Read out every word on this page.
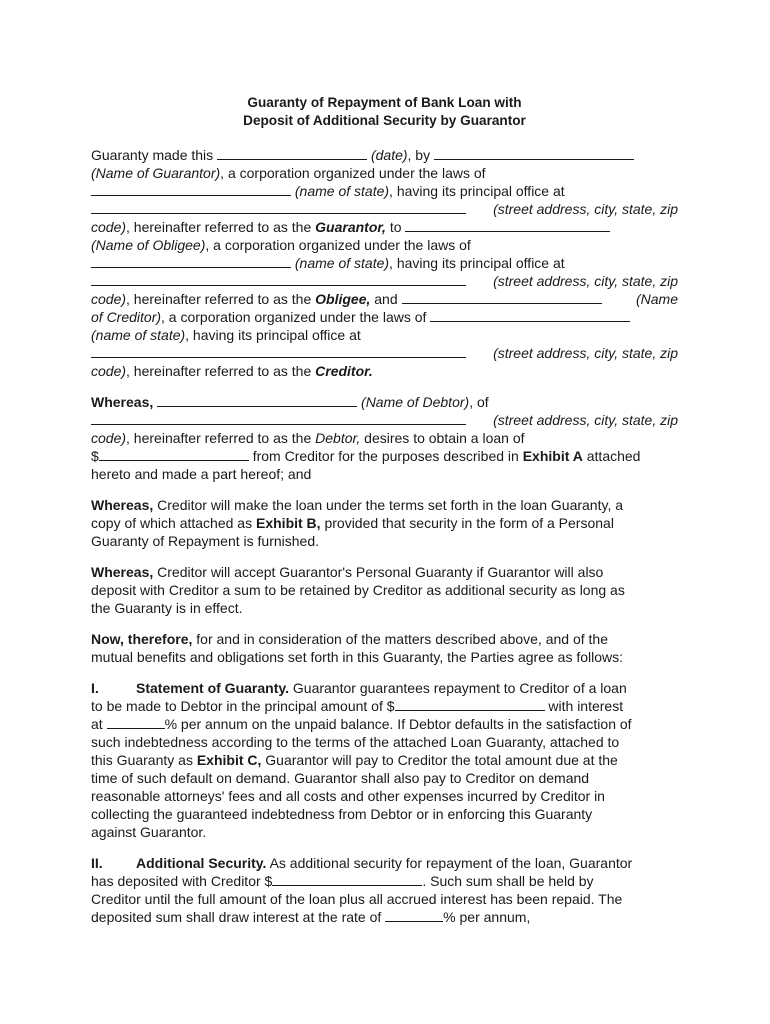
Guaranty of Repayment of Bank Loan with
Deposit of Additional Security by Guarantor

Guaranty made this	(date), by

(Name of Guarantor), a corporation organized under the laws of

(name of state), having its principal office at

(street address, city, state, zip

code), hereinafter referred to as the Guarantor, to

(Name of Obligee), a corporation organized under the laws of

(name of state), having its principal office at

(street address, city, state, zip

code), hereinafter referred to as the Obligee, and	(Name

of Creditor), a corporation organized under the laws of

(name of state), having its principal office at

(street address, city, state, zip

code), hereinafter referred to as the Creditor.

Whereas,	(Name of Debtor), of

(street address, city, state, zip

code), hereinafter referred to as the Debtor, desires to obtain a loan of

$	from Creditor for the purposes described in Exhibit A attached

hereto and made a part hereof; and

Whereas, Creditor will make the loan under the terms set forth in the loan Guaranty, a

copy of which attached as Exhibit B, provided that security in the form of a Personal

Guaranty of Repayment is furnished.

Whereas, Creditor will accept Guarantor's Personal Guaranty if Guarantor will also

deposit with Creditor a sum to be retained by Creditor as additional security as long as

the Guaranty is in effect.

Now, therefore, for and in consideration of the matters described above, and of the

mutual benefits and obligations set forth in this Guaranty, the Parties agree as follows:

I.	Statement of Guaranty. Guarantor guarantees repayment to Creditor of a loan

to be made to Debtor in the principal amount of $	with interest

at	% per annum on the unpaid balance. If Debtor defaults in the satisfaction of

such indebtedness according to the terms of the attached Loan Guaranty, attached to

this Guaranty as Exhibit C, Guarantor will pay to Creditor the total amount due at the

time of such default on demand. Guarantor shall also pay to Creditor on demand

reasonable attorneys' fees and all costs and other expenses incurred by Creditor in

collecting the guaranteed indebtedness from Debtor or in enforcing this Guaranty

against Guarantor.

II. Additional Security. As additional security for repayment of the loan, Guarantor

has deposited with Creditor $	. Such sum shall be held by

Creditor until the full amount of the loan plus all accrued interest has been repaid. The

deposited sum shall draw interest at the rate of	% per annum,
